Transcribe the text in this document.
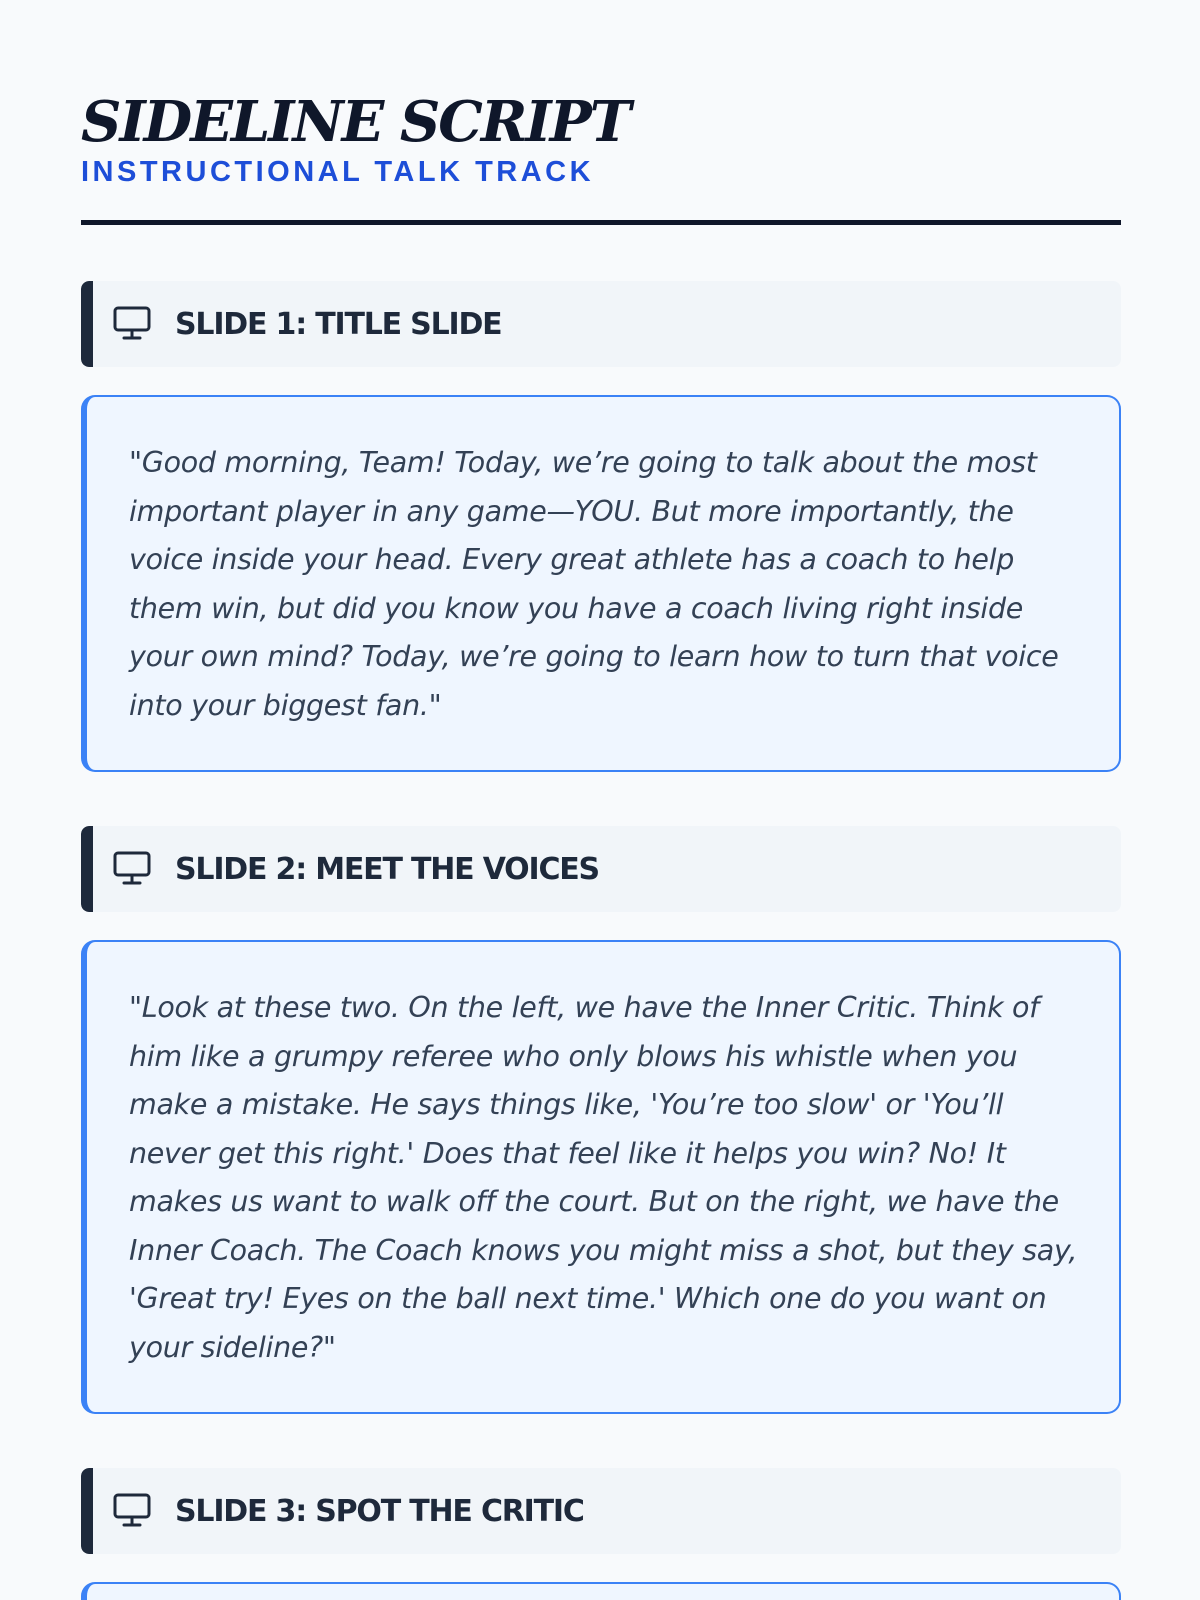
SIDELINE SCRIPT
INSTRUCTIONAL TALK TRACK
SLIDE 1: TITLE SLIDE

"Good morning, Team! Today, we’re going to talk about the most important player in any game—YOU. But more importantly, the voice inside your head. Every great athlete has a coach to help them win, but did you know you have a coach living right inside your own mind? Today, we’re going to learn how to turn that voice into your biggest fan."

SLIDE 2: MEET THE VOICES

"Look at these two. On the left, we have the Inner Critic. Think of him like a grumpy referee who only blows his whistle when you make a mistake. He says things like, 'You’re too slow' or 'You’ll never get this right.' Does that feel like it helps you win? No! It makes us want to walk off the court. But on the right, we have the Inner Coach. The Coach knows you might miss a shot, but they say, 'Great try! Eyes on the ball next time.' Which one do you want on your sideline?"

SLIDE 3: SPOT THE CRITIC
